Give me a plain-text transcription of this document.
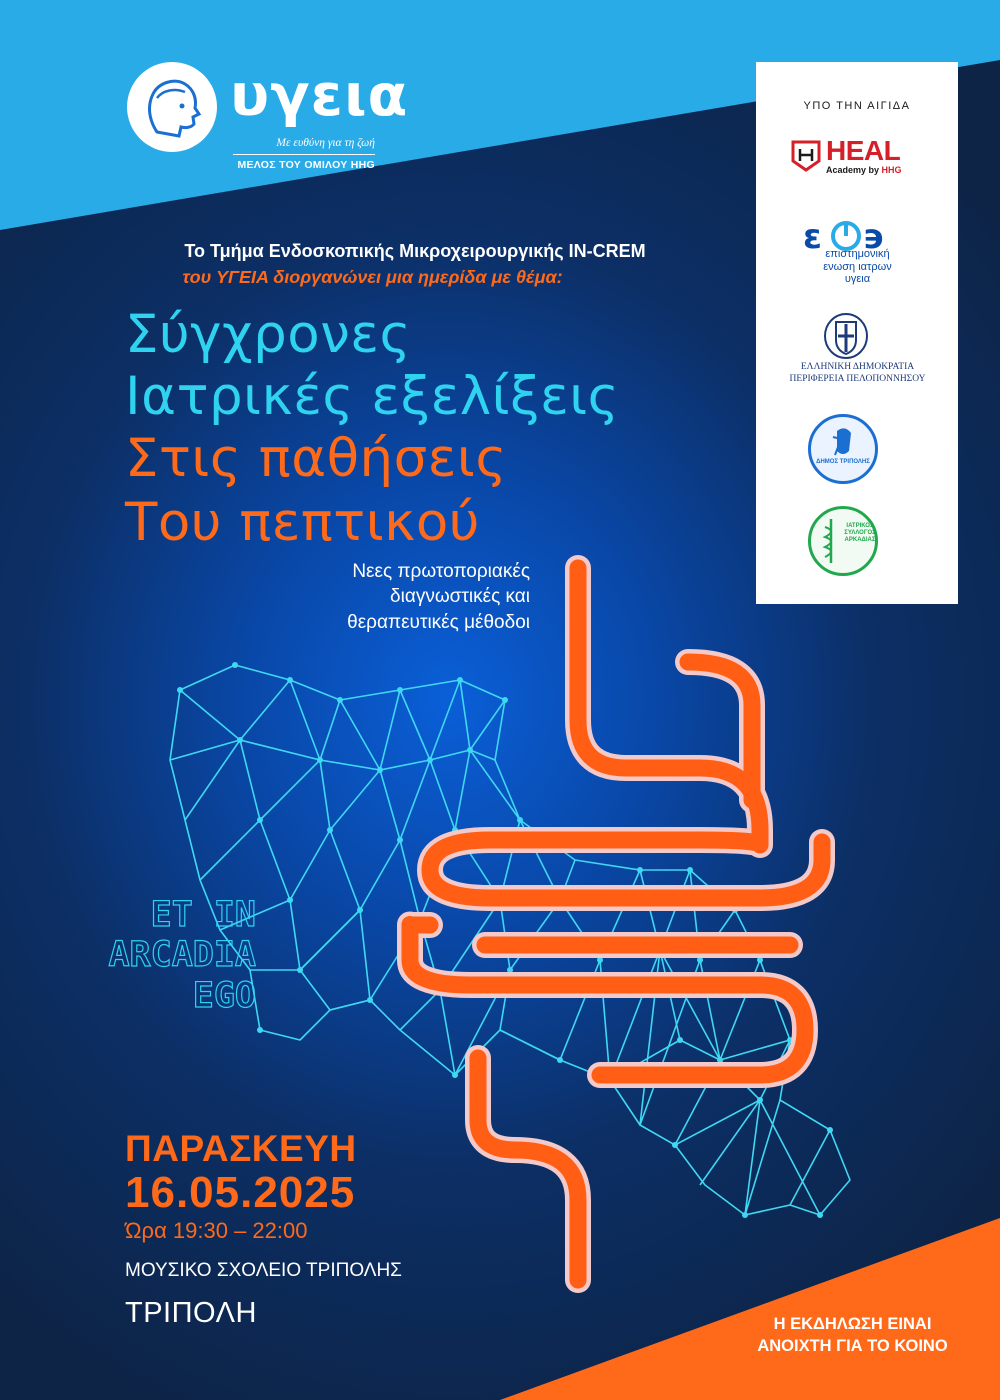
υγεια
Με ευθύνη για τη ζωή
ΜΕΛΟΣ ΤΟΥ ΟΜΙΛΟΥ HHG
ΥΠΟ ΤΗΝ ΑΙΓΙΔΑ
HEAL
Academy by HHG
ε ϶
επιστημονική
ενωση ιατρων
υγεια
ΕΛΛΗΝΙΚΗ ΔΗΜΟΚΡΑΤΙΑ
ΠΕΡΙΦΕΡΕΙΑ ΠΕΛΟΠΟΝΝΗΣΟΥ
ΔΗΜΟΣ ΤΡΙΠΟΛΗΣ
ΙΑΤΡΙΚΟΣ
ΣΥΛΛΟΓΟΣ
ΑΡΚΑΔΙΑΣ
Το Τμήμα Ενδοσκοπικής Μικροχειρουργικής IN-CREM
του ΥΓΕΙΑ διοργανώνει μια ημερίδα με θέμα:
Σύγχρονες
Ιατρικές εξελίξεις
Στις παθήσεις
Του πεπτικού
Νεες πρωτοποριακές
διαγνωστικές και
θεραπευτικές μέθοδοι
ET IN
ARCADIA
EGO
ΠΑΡΑΣΚΕΥΗ
16.05.2025
Ώρα 19:30 – 22:00
ΜΟΥΣΙΚΟ ΣΧΟΛΕΙΟ ΤΡΙΠΟΛΗΣ
ΤΡΙΠΟΛΗ	Η ΕΚΔΗΛΩΣΗ ΕΙΝΑΙ
ΑΝΟΙΧΤΗ ΓΙΑ ΤΟ ΚΟΙΝΟ
